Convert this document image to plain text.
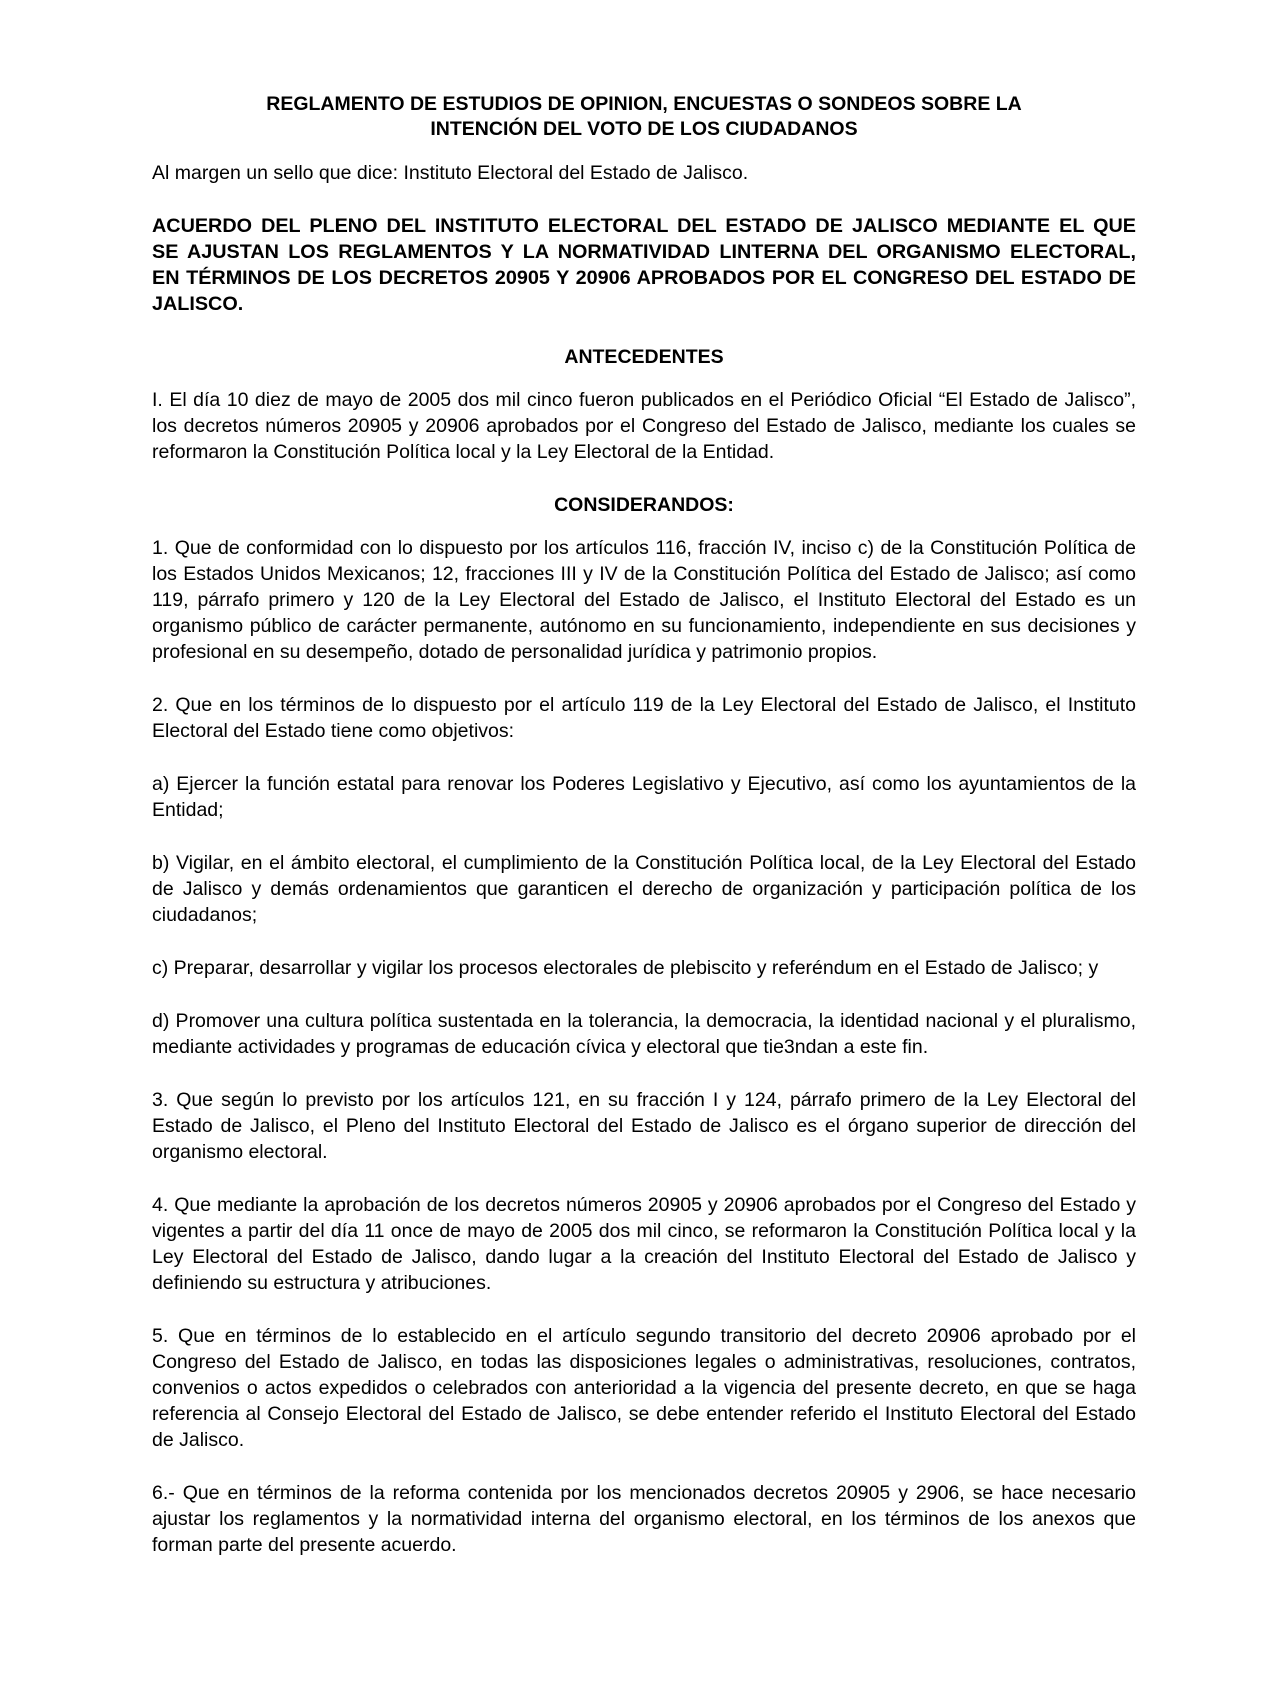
REGLAMENTO DE ESTUDIOS DE OPINION, ENCUESTAS O SONDEOS SOBRE LA
INTENCIÓN DEL VOTO DE LOS CIUDADANOS

Al margen un sello que dice: Instituto Electoral del Estado de Jalisco.

ACUERDO DEL PLENO DEL INSTITUTO ELECTORAL DEL ESTADO DE JALISCO MEDIANTE EL QUE SE AJUSTAN LOS REGLAMENTOS Y LA NORMATIVIDAD LINTERNA DEL ORGANISMO ELECTORAL, EN TÉRMINOS DE LOS DECRETOS 20905 Y 20906 APROBADOS POR EL CONGRESO DEL ESTADO DE JALISCO.

ANTECEDENTES

I. El día 10 diez de mayo de 2005 dos mil cinco fueron publicados en el Periódico Oficial “El Estado de Jalisco”, los decretos números 20905 y 20906 aprobados por el Congreso del Estado de Jalisco, mediante los cuales se reformaron la Constitución Política local y la Ley Electoral de la Entidad.

CONSIDERANDOS:

1. Que de conformidad con lo dispuesto por los artículos 116, fracción IV, inciso c) de la Constitución Política de los Estados Unidos Mexicanos; 12, fracciones III y IV de la Constitución Política del Estado de Jalisco; así como 119, párrafo primero y 120 de la Ley Electoral del Estado de Jalisco, el Instituto Electoral del Estado es un organismo público de carácter permanente, autónomo en su funcionamiento, independiente en sus decisiones y profesional en su desempeño, dotado de personalidad jurídica y patrimonio propios.

2. Que en los términos de lo dispuesto por el artículo 119 de la Ley Electoral del Estado de Jalisco, el Instituto Electoral del Estado tiene como objetivos:

a) Ejercer la función estatal para renovar los Poderes Legislativo y Ejecutivo, así como los ayuntamientos de la Entidad;

b) Vigilar, en el ámbito electoral, el cumplimiento de la Constitución Política local, de la Ley Electoral del Estado de Jalisco y demás ordenamientos que garanticen el derecho de organización y participación política de los ciudadanos;

c) Preparar, desarrollar y vigilar los procesos electorales de plebiscito y referéndum en el Estado de Jalisco; y

d) Promover una cultura política sustentada en la tolerancia, la democracia, la identidad nacional y el pluralismo, mediante actividades y programas de educación cívica y electoral que tie3ndan a este fin.

3. Que según lo previsto por los artículos 121, en su fracción I y 124, párrafo primero de la Ley Electoral del Estado de Jalisco, el Pleno del Instituto Electoral del Estado de Jalisco es el órgano superior de dirección del organismo electoral.

4. Que mediante la aprobación de los decretos números 20905 y 20906 aprobados por el Congreso del Estado y vigentes a partir del día 11 once de mayo de 2005 dos mil cinco, se reformaron la Constitución Política local y la Ley Electoral del Estado de Jalisco, dando lugar a la creación del Instituto Electoral del Estado de Jalisco y definiendo su estructura y atribuciones.

5. Que en términos de lo establecido en el artículo segundo transitorio del decreto 20906 aprobado por el Congreso del Estado de Jalisco, en todas las disposiciones legales o administrativas, resoluciones, contratos, convenios o actos expedidos o celebrados con anterioridad a la vigencia del presente decreto, en que se haga referencia al Consejo Electoral del Estado de Jalisco, se debe entender referido el Instituto Electoral del Estado de Jalisco.

6.- Que en términos de la reforma contenida por los mencionados decretos 20905 y 2906, se hace necesario ajustar los reglamentos y la normatividad interna del organismo electoral, en los términos de los anexos que forman parte del presente acuerdo.
